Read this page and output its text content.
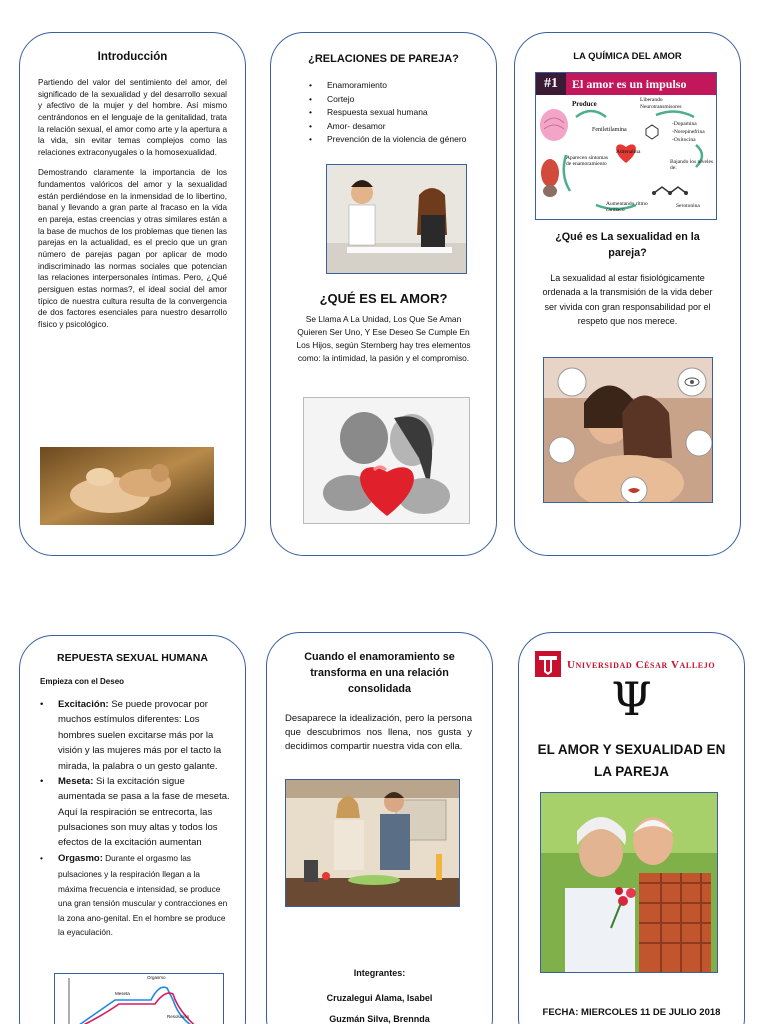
Introducción

Partiendo del valor del sentimiento del amor, del significado de la sexualidad y del desarrollo sexual y afectivo de la mujer y del hombre. Así mismo centrándonos en el lenguaje de la genitalidad, trata la relación sexual, el amor como arte y la apertura a la vida, sin evitar temas complejos como las relaciones extraconyugales o la homosexualidad.

Demostrando claramente la importancia de los fundamentos valóricos del amor y la sexualidad están perdiéndose en la inmensidad de lo libertino, banal y llevando a gran parte al fracaso en la vida en pareja, estas creencias y otras similares están a la base de muchos de los problemas que tienen las parejas en la actualidad, es el precio que un gran número de parejas pagan por aplicar de modo indiscriminado las normas sociales que potencian las relaciones interpersonales íntimas. Pero, ¿Qué persiguen estas normas?, el ideal social del amor típico de nuestra cultura resulta de la convergencia de dos factores esenciales para nuestro desarrollo físico y psicológico.

¿RELACIONES DE PAREJA?
• Enamoramiento
• Cortejo
• Respuesta sexual humana
• Amor- desamor
• Prevención de la violencia de género
¿QUÉ ES EL AMOR?

Se Llama A La Unidad, Los Que Se Aman Quieren Ser Uno, Y Ese Deseo Se Cumple En Los Hijos, según Sternberg hay tres elementos como: la intimidad, la pasión y el compromiso.

LA QUÍMICA DEL AMOR
#1	El amor es un impulso
Produce	Liberando
Neurotransmisores
Feniletilamina
-Dopamina
-Norepinefrina
-Oxitocina
Adrenalina
Aparecen síntomas de enamoramiento	Bajando los niveles de:
Aumentando ritmo cardiaco
Serotonina
¿Qué es La sexualidad en la pareja?

La sexualidad al estar fisiológicamente ordenada a la transmisión de la vida deber ser vivida con gran responsabilidad por el respeto que nos merece.

REPUESTA SEXUAL HUMANA
Empieza con el Deseo
• Excitación: Se puede provocar por muchos estímulos diferentes: Los hombres suelen excitarse más por la visión y las mujeres más por el tacto la mirada, la palabra o un gesto galante.
• Meseta: Si la excitación sigue aumentada se pasa a la fase de meseta. Aquí la respiración se entrecorta, las pulsaciones son muy altas y todos los efectos de la excitación aumentan
• Orgasmo: Durante el orgasmo las pulsaciones y la respiración llegan a la máxima frecuencia e intensidad, se produce una gran tensión muscular y contracciones en la zona ano-genital. En el hombre se produce la eyaculación.
Orgasmo
Meseta
Resolución
Cuando el enamoramiento se transforma en una relación consolidada

Desaparece la idealización, pero la persona que descubrimos nos llena, nos gusta y decidimos compartir nuestra vida con ella.

Integrantes:
Cruzalegui Alama, Isabel
Guzmán Silva, Brennda
Universidad César Vallejo
Ψ
EL AMOR Y SEXUALIDAD EN LA PAREJA
FECHA: MIERCOLES 11 DE JULIO 2018
